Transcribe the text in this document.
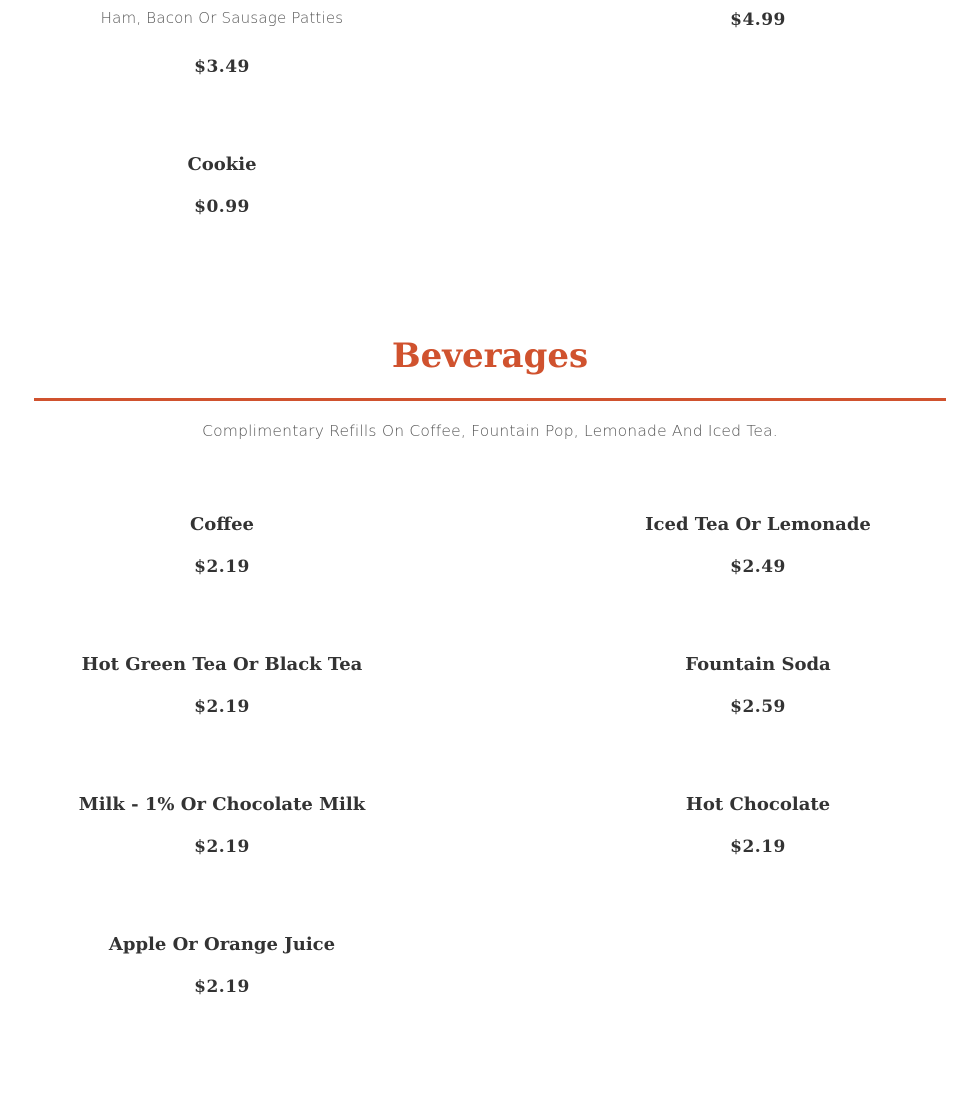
Ham, Bacon Or Sausage Patties
$3.49
$4.99
Cookie
$0.99
Beverages
Complimentary Refills On Coffee, Fountain Pop, Lemonade And Iced Tea.
Coffee
$2.19
Hot Green Tea Or Black Tea
$2.19
Milk - 1% Or Chocolate Milk
$2.19
Apple Or Orange Juice
$2.19
Iced Tea Or Lemonade
$2.49
Fountain Soda
$2.59
Hot Chocolate
$2.19
